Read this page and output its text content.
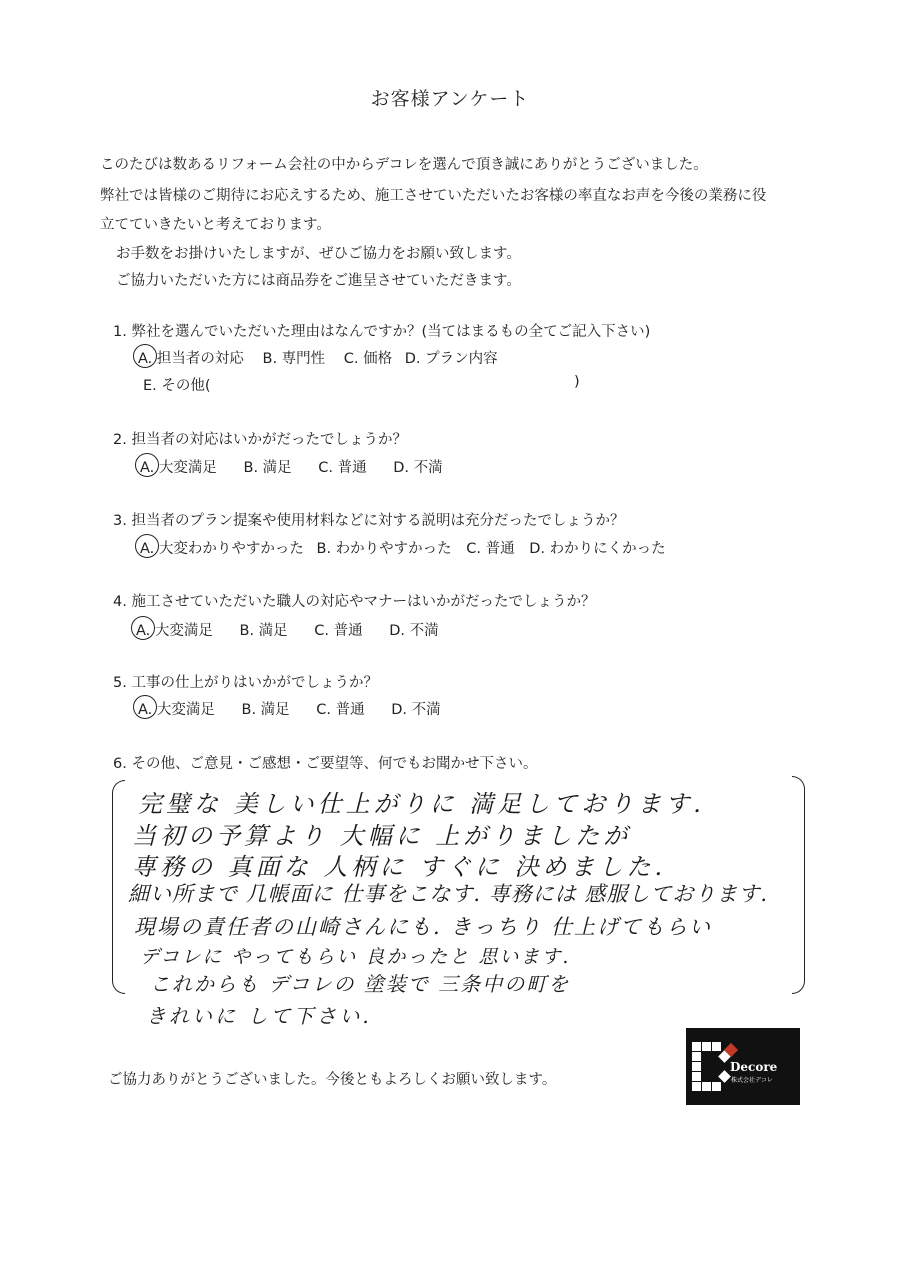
お客様アンケート
このたびは数あるリフォーム会社の中からデコレを選んで頂き誠にありがとうございました。
弊社では皆様のご期待にお応えするため、施工させていただいたお客様の率直なお声を今後の業務に役
立てていきたいと考えております。
お手数をお掛けいたしますが、ぜひご協力をお願い致します。
ご協力いただいた方には商品券をご進呈させていただきます。
1. 弊社を選んでいただいた理由はなんですか？(当てはまるもの全てご記入下さい)
A. 担当者の対応 B. 専門性 C. 価格 D. プラン内容
E. その他(	)
2. 担当者の対応はいかがだったでしょうか？
A. 大変満足 B. 満足 C. 普通 D. 不満
3. 担当者のプラン提案や使用材料などに対する説明は充分だったでしょうか？
A. 大変わかりやすかった B. わかりやすかった C. 普通 D. わかりにくかった
4. 施工させていただいた職人の対応やマナーはいかがだったでしょうか？
A. 大変満足 B. 満足 C. 普通 D. 不満
5. 工事の仕上がりはいかがでしょうか？
A. 大変満足 B. 満足 C. 普通 D. 不満
6. その他、ご意見・ご感想・ご要望等、何でもお聞かせ下さい。
完璧な 美しい仕上がりに 満足しております.
当初の予算より 大幅に 上がりましたが
専務の 真面な 人柄に すぐに 決めました.
細い所まで 几帳面に 仕事をこなす. 専務には 感服しております.
現場の責任者の山崎さんにも. きっちり 仕上げてもらい
デコレに やってもらい 良かったと 思います.
これからも デコレの 塗装で 三条中の町を
きれいに して下さい.
ご協力ありがとうございました。今後ともよろしくお願い致します。
Decore
株式会社デコレ
